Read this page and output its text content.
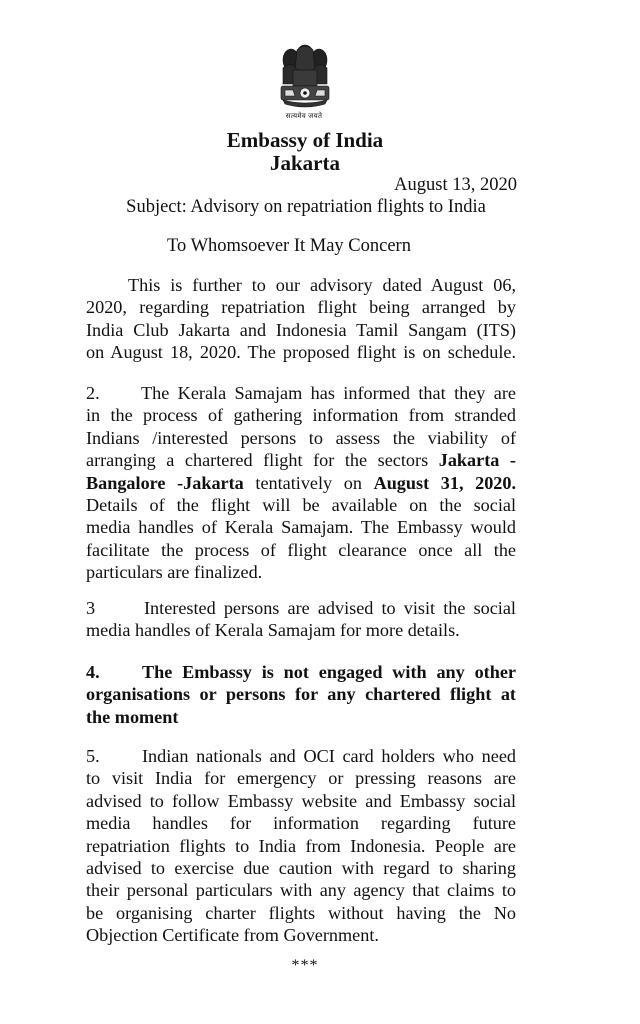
सत्यमेव जयते
Embassy of India
Jakarta
August 13, 2020
Subject: Advisory on repatriation flights to India
To Whomsoever It May Concern
This is further to our advisory dated August 06,
2020, regarding repatriation flight being arranged by
India Club Jakarta and Indonesia Tamil Sangam (ITS)
on August 18, 2020. The proposed flight is on schedule.
2. The Kerala Samajam has informed that they are
in the process of gathering information from stranded
Indians /interested persons to assess the viability of
arranging a chartered flight for the sectors Jakarta -
Bangalore -Jakarta tentatively on August 31, 2020.
Details of the flight will be available on the social
media handles of Kerala Samajam. The Embassy would
facilitate the process of flight clearance once all the
particulars are finalized.
3	Interested persons are advised to visit the social
media handles of Kerala Samajam for more details.
4. The Embassy is not engaged with any other
organisations or persons for any chartered flight at
the moment
5. Indian nationals and OCI card holders who need
to visit India for emergency or pressing reasons are
advised to follow Embassy website and Embassy social
media handles for information regarding future
repatriation flights to India from Indonesia. People are
advised to exercise due caution with regard to sharing
their personal particulars with any agency that claims to
be organising charter flights without having the No
Objection Certificate from Government.
***
